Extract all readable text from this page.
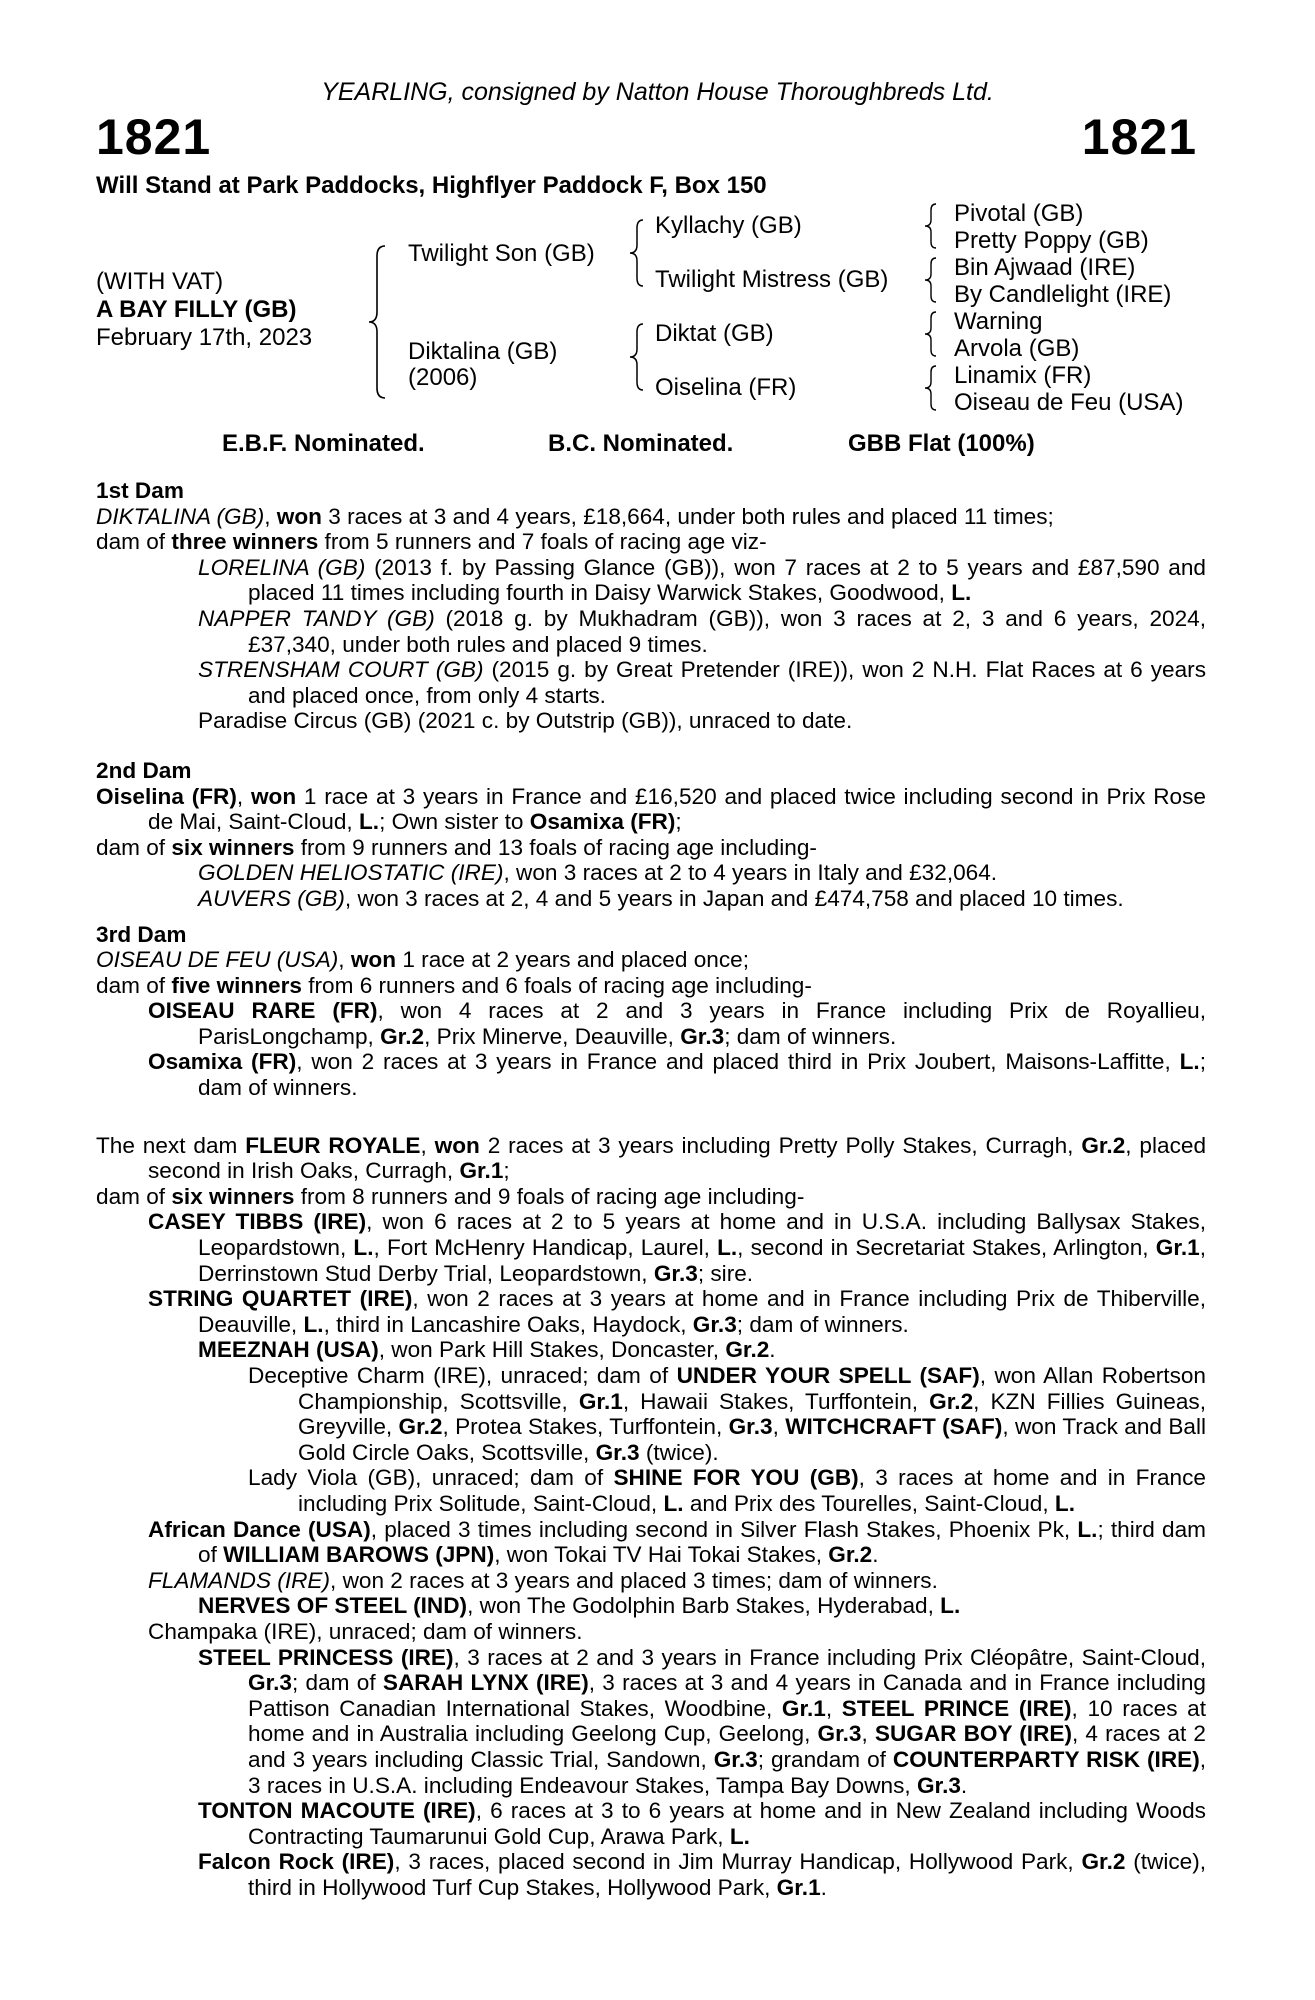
YEARLING, consigned by Natton House Thoroughbreds Ltd.
1821	1821
Will Stand at Park Paddocks, Highflyer Paddock F, Box 150
(WITH VAT)
A BAY FILLY (GB)
February 17th, 2023
Twilight Son (GB)
Diktalina (GB)
(2006)
Kyllachy (GB)
Twilight Mistress (GB)
Diktat (GB)
Oiselina (FR)
Pivotal (GB)
Pretty Poppy (GB)
Bin Ajwaad (IRE)
By Candlelight (IRE)
Warning
Arvola (GB)
Linamix (FR)
Oiseau de Feu (USA)
E.B.F. Nominated.	B.C. Nominated.	GBB Flat (100%)

1st Dam

DIKTALINA (GB), won 3 races at 3 and 4 years, £18,664, under both rules and placed 11 times;

dam of three winners from 5 runners and 7 foals of racing age viz-

LORELINA (GB) (2013 f. by Passing Glance (GB)), won 7 races at 2 to 5 years and £87,590 and placed 11 times including fourth in Daisy Warwick Stakes, Goodwood, L.

NAPPER TANDY (GB) (2018 g. by Mukhadram (GB)), won 3 races at 2, 3 and 6 years, 2024, £37,340, under both rules and placed 9 times.

STRENSHAM COURT (GB) (2015 g. by Great Pretender (IRE)), won 2 N.H. Flat Races at 6 years and placed once, from only 4 starts.

Paradise Circus (GB) (2021 c. by Outstrip (GB)), unraced to date.

2nd Dam

Oiselina (FR), won 1 race at 3 years in France and £16,520 and placed twice including second in Prix Rose de Mai, Saint-Cloud, L.; Own sister to Osamixa (FR);

dam of six winners from 9 runners and 13 foals of racing age including-

GOLDEN HELIOSTATIC (IRE), won 3 races at 2 to 4 years in Italy and £32,064.

AUVERS (GB), won 3 races at 2, 4 and 5 years in Japan and £474,758 and placed 10 times.

3rd Dam

OISEAU DE FEU (USA), won 1 race at 2 years and placed once;

dam of five winners from 6 runners and 6 foals of racing age including-

OISEAU RARE (FR), won 4 races at 2 and 3 years in France including Prix de Royallieu, ParisLongchamp, Gr.2, Prix Minerve, Deauville, Gr.3; dam of winners.

Osamixa (FR), won 2 races at 3 years in France and placed third in Prix Joubert, Maisons-Laffitte, L.; dam of winners.

The next dam FLEUR ROYALE, won 2 races at 3 years including Pretty Polly Stakes, Curragh, Gr.2, placed second in Irish Oaks, Curragh, Gr.1;

dam of six winners from 8 runners and 9 foals of racing age including-

CASEY TIBBS (IRE), won 6 races at 2 to 5 years at home and in U.S.A. including Ballysax Stakes, Leopardstown, L., Fort McHenry Handicap, Laurel, L., second in Secretariat Stakes, Arlington, Gr.1, Derrinstown Stud Derby Trial, Leopardstown, Gr.3; sire.

STRING QUARTET (IRE), won 2 races at 3 years at home and in France including Prix de Thiberville, Deauville, L., third in Lancashire Oaks, Haydock, Gr.3; dam of winners.

MEEZNAH (USA), won Park Hill Stakes, Doncaster, Gr.2.

Deceptive Charm (IRE), unraced; dam of UNDER YOUR SPELL (SAF), won Allan Robertson Championship, Scottsville, Gr.1, Hawaii Stakes, Turffontein, Gr.2, KZN Fillies Guineas, Greyville, Gr.2, Protea Stakes, Turffontein, Gr.3, WITCHCRAFT (SAF), won Track and Ball Gold Circle Oaks, Scottsville, Gr.3 (twice).

Lady Viola (GB), unraced; dam of SHINE FOR YOU (GB), 3 races at home and in France including Prix Solitude, Saint-Cloud, L. and Prix des Tourelles, Saint-Cloud, L.

African Dance (USA), placed 3 times including second in Silver Flash Stakes, Phoenix Pk, L.; third dam of WILLIAM BAROWS (JPN), won Tokai TV Hai Tokai Stakes, Gr.2.

FLAMANDS (IRE), won 2 races at 3 years and placed 3 times; dam of winners.

NERVES OF STEEL (IND), won The Godolphin Barb Stakes, Hyderabad, L.

Champaka (IRE), unraced; dam of winners.

STEEL PRINCESS (IRE), 3 races at 2 and 3 years in France including Prix Cléopâtre, Saint-Cloud, Gr.3; dam of SARAH LYNX (IRE), 3 races at 3 and 4 years in Canada and in France including Pattison Canadian International Stakes, Woodbine, Gr.1, STEEL PRINCE (IRE), 10 races at home and in Australia including Geelong Cup, Geelong, Gr.3, SUGAR BOY (IRE), 4 races at 2 and 3 years including Classic Trial, Sandown, Gr.3; grandam of COUNTERPARTY RISK (IRE), 3 races in U.S.A. including Endeavour Stakes, Tampa Bay Downs, Gr.3.

TONTON MACOUTE (IRE), 6 races at 3 to 6 years at home and in New Zealand including Woods Contracting Taumarunui Gold Cup, Arawa Park, L.

Falcon Rock (IRE), 3 races, placed second in Jim Murray Handicap, Hollywood Park, Gr.2 (twice), third in Hollywood Turf Cup Stakes, Hollywood Park, Gr.1.
